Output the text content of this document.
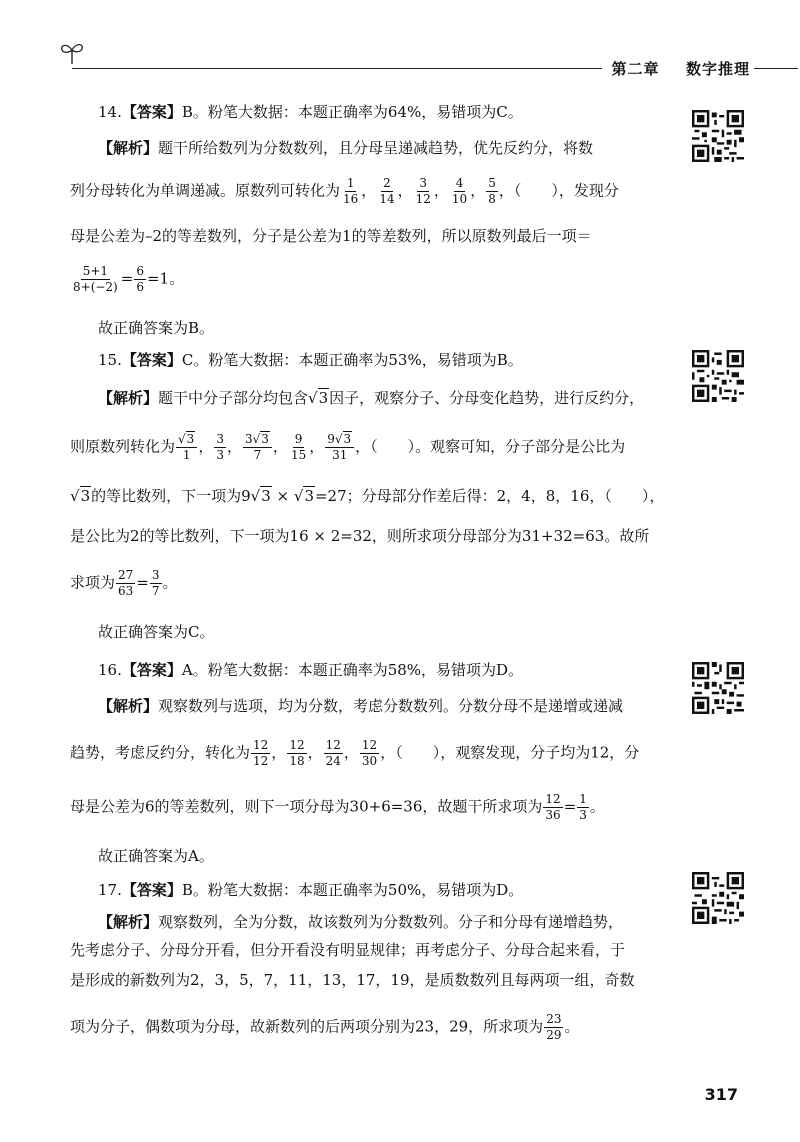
第二章 数字推理
14.【答案】B。粉笔大数据：本题正确率为64%，易错项为C。
【解析】题干所给数列为分数数列，且分母呈递减趋势，优先反约分，将数
列分母转化为单调递减。原数列可转化为 $\frac{1}{16}$ ， $\frac{2}{14}$ ， $\frac{3}{12}$ ， $\frac{4}{10}$ ， $\frac{5}{8}$ ，（　　），发现分
母是公差为–2的等差数列，分子是公差为1的等差数列，所以原数列最后一项＝
$\frac{5+1}{8+(-2)} = \frac{6}{6} =1$。
故正确答案为B。
15.【答案】C。粉笔大数据：本题正确率为53%，易错项为B。
【解析】题干中分子部分均包含√3因子，观察分子、分母变化趋势，进行反约分，
则原数列转化为 $\frac{√3}{1}$ ， $\frac{3}{3}$ ， $\frac{3√3}{7}$ ， $\frac{9}{15}$ ， $\frac{9√3}{31}$ ，（　　）。观察可知，分子部分是公比为
√3的等比数列，下一项为9√3 × √3=27；分母部分作差后得：2，4，8，16，（　　），
是公比为2的等比数列，下一项为16 × 2=32，则所求项分母部分为31+32=63。故所
求项为 $\frac{27}{63} = \frac{3}{7}$ 。
故正确答案为C。
16.【答案】A。粉笔大数据：本题正确率为58%，易错项为D。
【解析】观察数列与选项，均为分数，考虑分数数列。分数分母不是递增或递减
趋势，考虑反约分，转化为 $\frac{12}{12}$ ， $\frac{12}{18}$ ， $\frac{12}{24}$ ， $\frac{12}{30}$ ，（　　），观察发现，分子均为12，分
母是公差为6的等差数列，则下一项分母为30+6=36，故题干所求项为 $\frac{12}{36} = \frac{1}{3}$ 。
故正确答案为A。
17.【答案】B。粉笔大数据：本题正确率为50%，易错项为D。
【解析】观察数列，全为分数，故该数列为分数数列。分子和分母有递增趋势，
先考虑分子、分母分开看，但分开看没有明显规律；再考虑分子、分母合起来看，于
是形成的新数列为2，3，5，7，11，13，17，19，是质数数列且每两项一组，奇数
项为分子，偶数项为分母，故新数列的后两项分别为23，29，所求项为 $\frac{23}{29}$ 。
317
